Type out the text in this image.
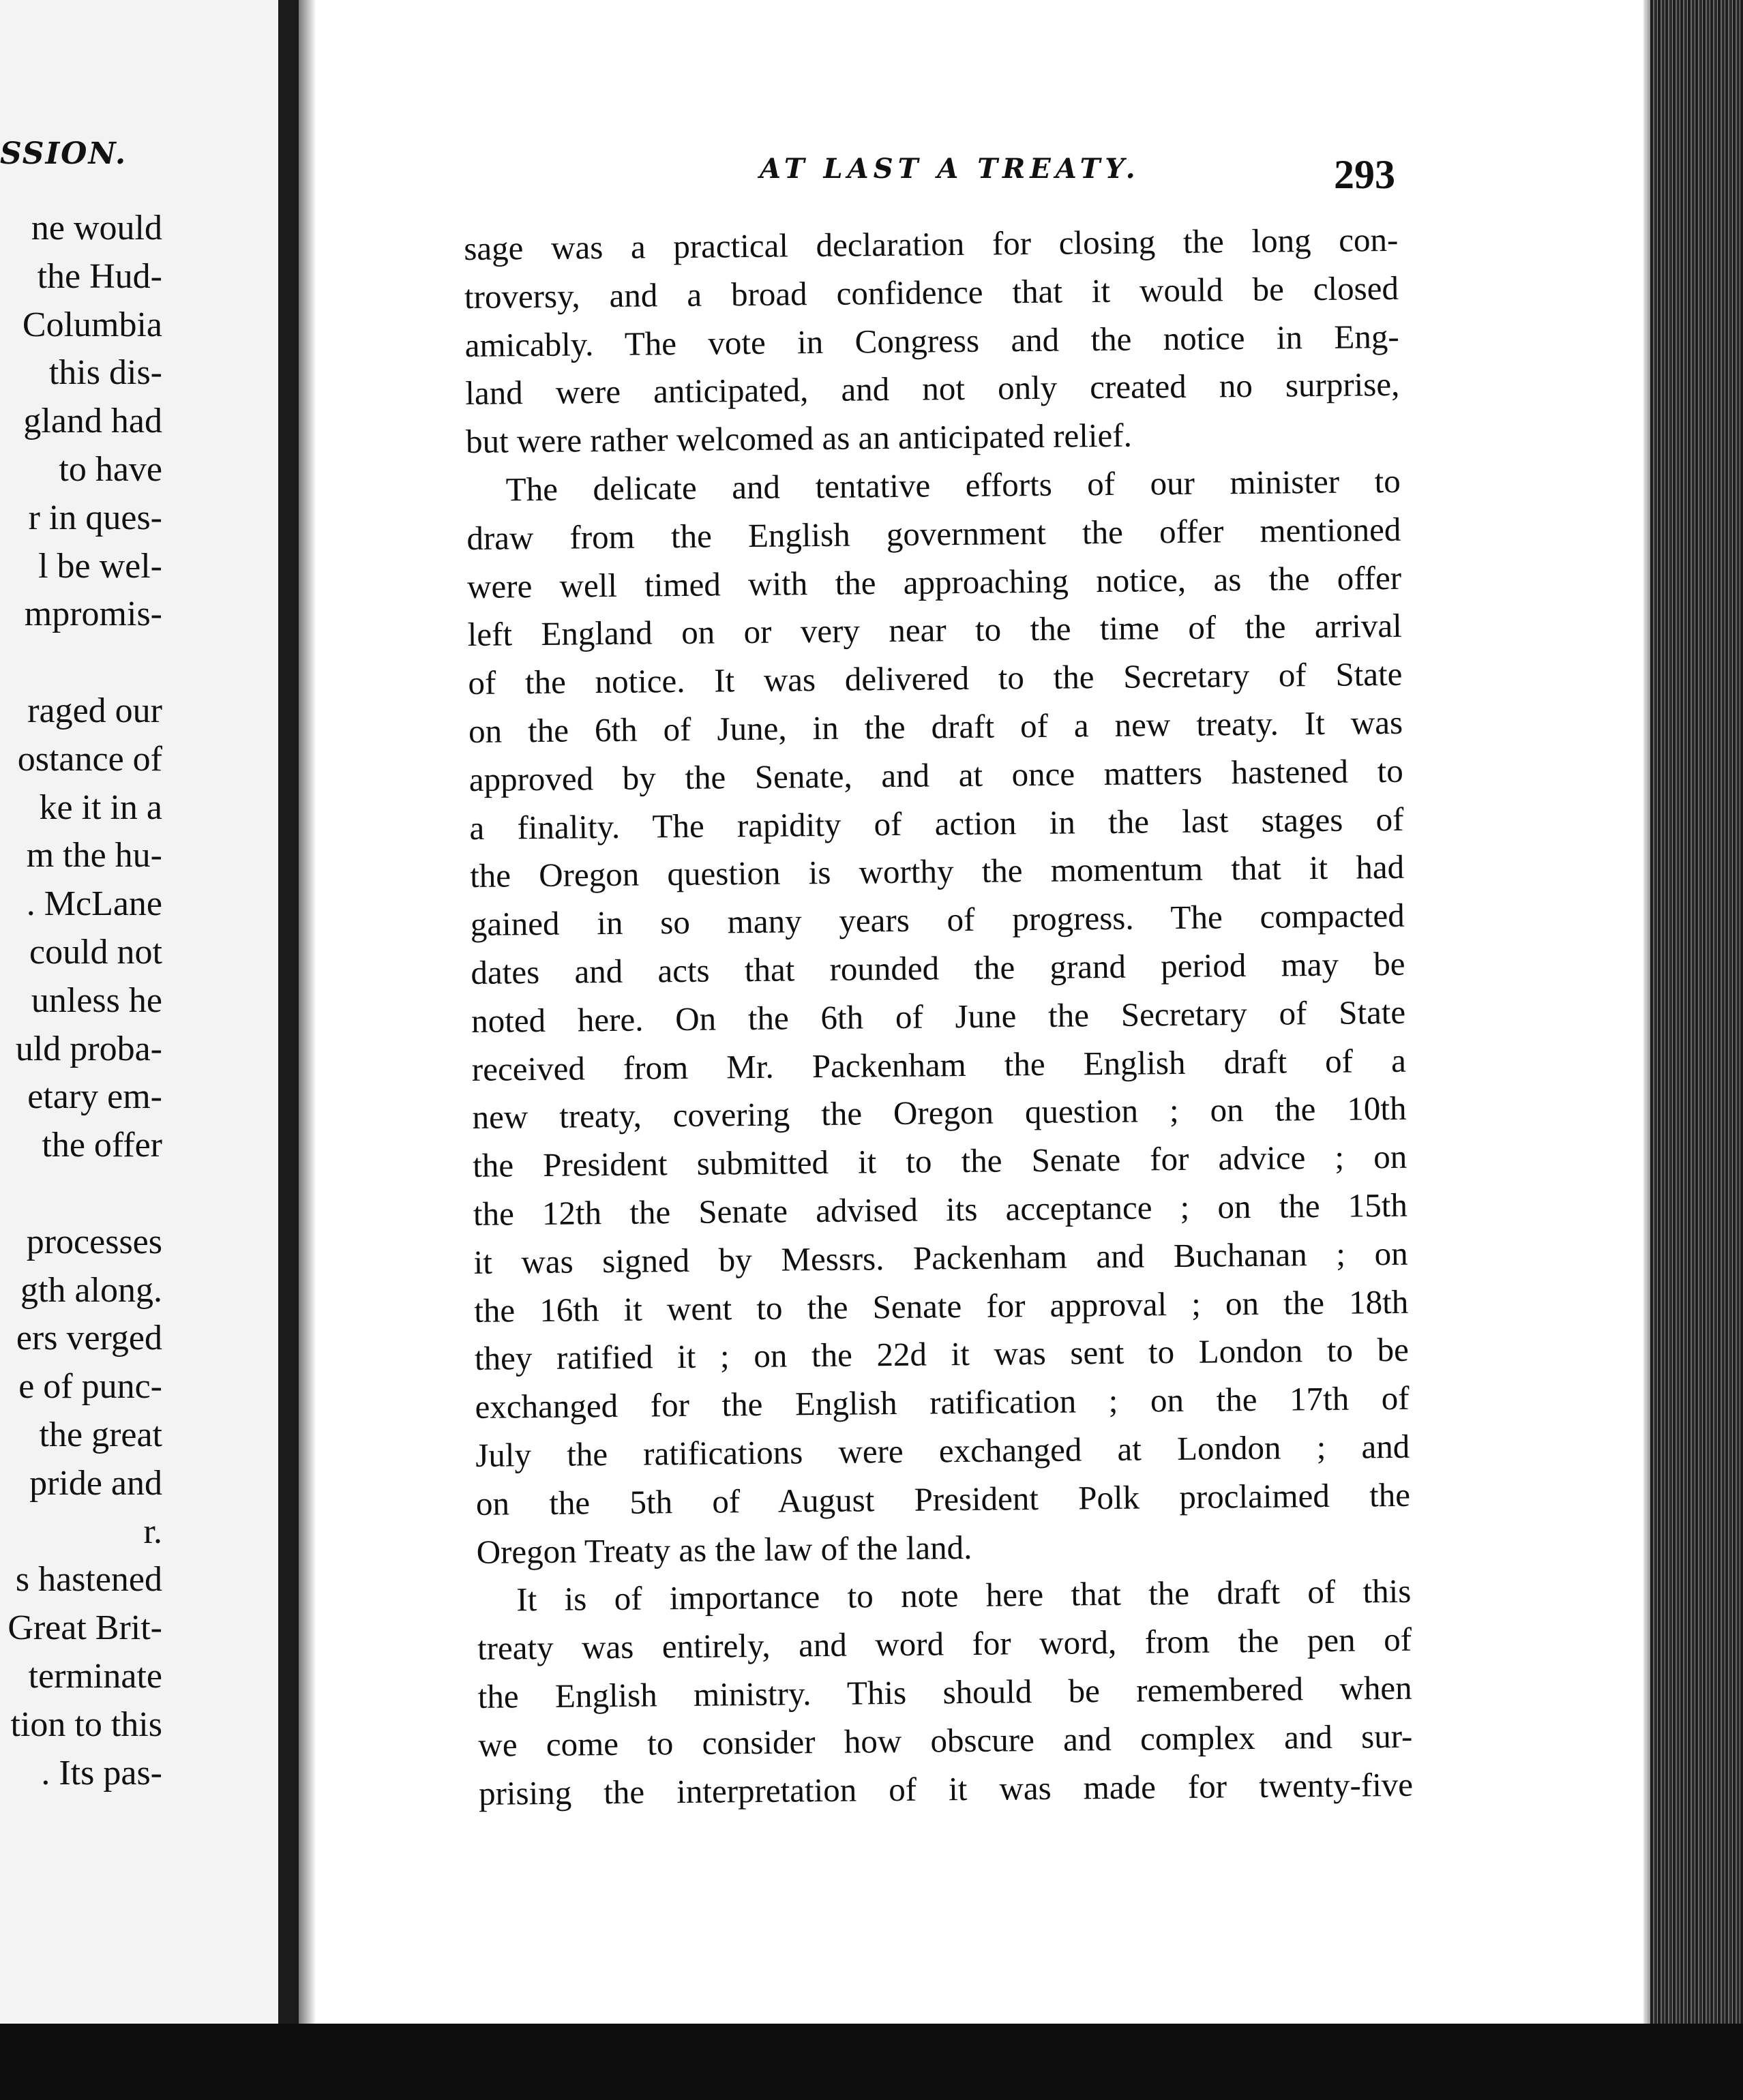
SSION.
ne would
the Hud-
Columbia
this dis-
gland had
to have
r in ques-
l be wel-
mpromis-
raged our
ostance of
ke it in a
m the hu-
. McLane
could not
unless he
uld proba-
etary em-
the offer
processes
gth along.
ers verged
e of punc-
the great
pride and
r.
s hastened
Great Brit-
terminate
tion to this
. Its pas-
AT LAST A TREATY.	293
sage was a practical declaration for closing the long con-
troversy, and a broad confidence that it would be closed
amicably. The vote in Congress and the notice in Eng-
land were anticipated, and not only created no surprise,
but were rather welcomed as an anticipated relief.
The delicate and tentative efforts of our minister to
draw from the English government the offer mentioned
were well timed with the approaching notice, as the offer
left England on or very near to the time of the arrival
of the notice. It was delivered to the Secretary of State
on the 6th of June, in the draft of a new treaty. It was
approved by the Senate, and at once matters hastened to
a finality. The rapidity of action in the last stages of
the Oregon question is worthy the momentum that it had
gained in so many years of progress. The compacted
dates and acts that rounded the grand period may be
noted here. On the 6th of June the Secretary of State
received from Mr. Packenham the English draft of a
new treaty, covering the Oregon question ; on the 10th
the President submitted it to the Senate for advice ; on
the 12th the Senate advised its acceptance ; on the 15th
it was signed by Messrs. Packenham and Buchanan ; on
the 16th it went to the Senate for approval ; on the 18th
they ratified it ; on the 22d it was sent to London to be
exchanged for the English ratification ; on the 17th of
July the ratifications were exchanged at London ; and
on the 5th of August President Polk proclaimed the
Oregon Treaty as the law of the land.
It is of importance to note here that the draft of this
treaty was entirely, and word for word, from the pen of
the English ministry. This should be remembered when
we come to consider how obscure and complex and sur-
prising the interpretation of it was made for twenty-five
